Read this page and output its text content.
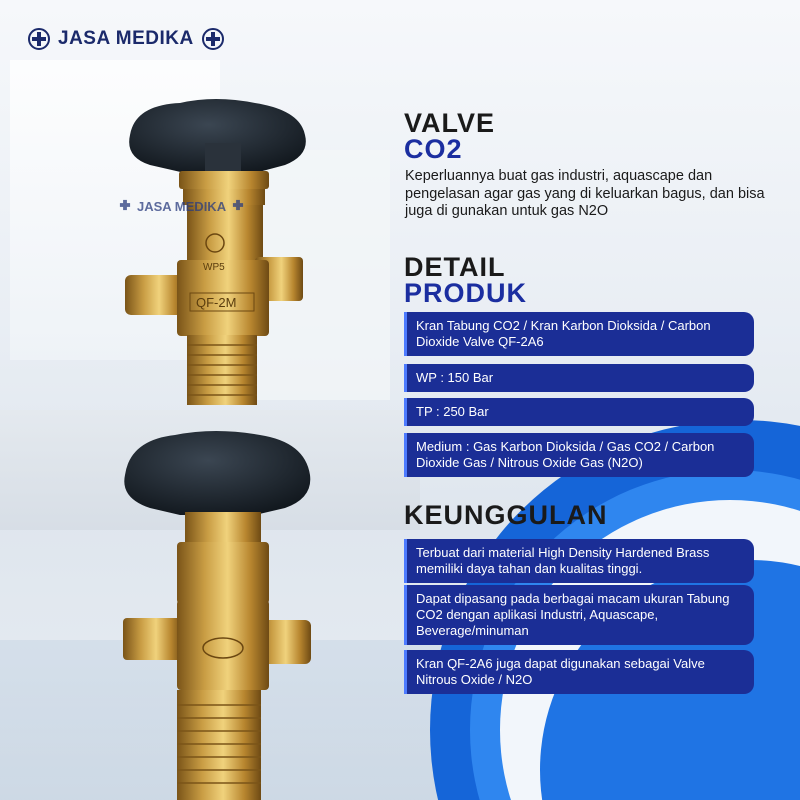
JASA MEDIKA
QF-2M
WP5
JASA MEDIKA
VALVE
CO2
Keperluannya buat gas industri, aquascape dan pengelasan agar gas yang di keluarkan bagus, dan bisa juga di gunakan untuk gas N2O
DETAIL
PRODUK
Kran Tabung CO2 / Kran Karbon Dioksida / Carbon Dioxide Valve QF-2A6
WP : 150 Bar
TP : 250 Bar
Medium : Gas Karbon Dioksida / Gas CO2 / Carbon Dioxide Gas / Nitrous Oxide Gas (N2O)
KEUNGGULAN
Terbuat dari material High Density Hardened Brass memiliki daya tahan dan kualitas tinggi.
Dapat dipasang pada berbagai macam ukuran Tabung CO2 dengan aplikasi Industri, Aquascape, Beverage/minuman
Kran QF-2A6 juga dapat digunakan sebagai Valve Nitrous Oxide / N2O
